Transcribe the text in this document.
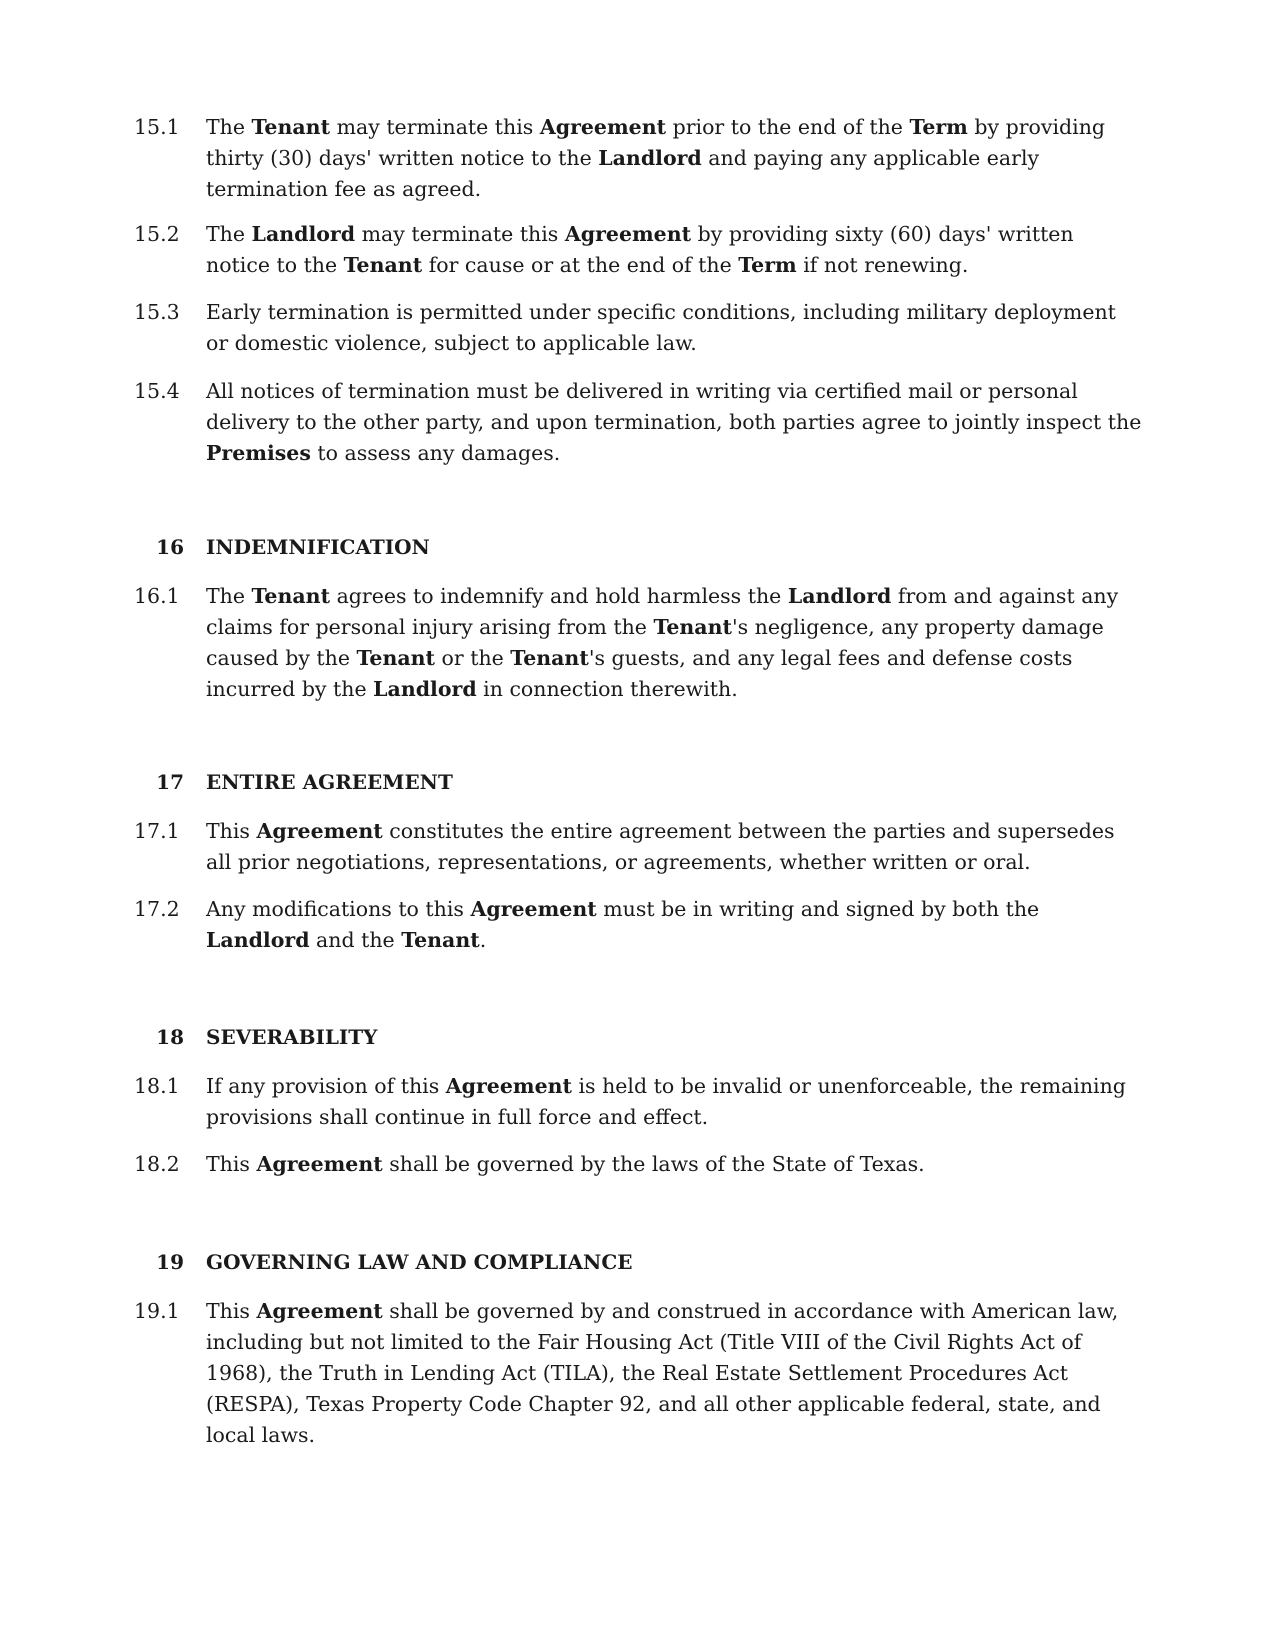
15.1	The Tenant may terminate this Agreement prior to the end of the Term by providing thirty (30) days' written notice to the Landlord and paying any applicable early termination fee as agreed.
15.2	The Landlord may terminate this Agreement by providing sixty (60) days' written notice to the Tenant for cause or at the end of the Term if not renewing.
15.3	Early termination is permitted under specific conditions, including military deployment or domestic violence, subject to applicable law.
15.4	All notices of termination must be delivered in writing via certified mail or personal delivery to the other party, and upon termination, both parties agree to jointly inspect the Premises to assess any damages.
16 INDEMNIFICATION
16.1	The Tenant agrees to indemnify and hold harmless the Landlord from and against any claims for personal injury arising from the Tenant's negligence, any property damage caused by the Tenant or the Tenant's guests, and any legal fees and defense costs incurred by the Landlord in connection therewith.
17 ENTIRE AGREEMENT
17.1	This Agreement constitutes the entire agreement between the parties and supersedes all prior negotiations, representations, or agreements, whether written or oral.
17.2	Any modifications to this Agreement must be in writing and signed by both the Landlord and the Tenant.
18 SEVERABILITY
18.1	If any provision of this Agreement is held to be invalid or unenforceable, the remaining provisions shall continue in full force and effect.
18.2	This Agreement shall be governed by the laws of the State of Texas.
19 GOVERNING LAW AND COMPLIANCE
19.1	This Agreement shall be governed by and construed in accordance with American law, including but not limited to the Fair Housing Act (Title VIII of the Civil Rights Act of 1968), the Truth in Lending Act (TILA), the Real Estate Settlement Procedures Act (RESPA), Texas Property Code Chapter 92, and all other applicable federal, state, and local laws.
